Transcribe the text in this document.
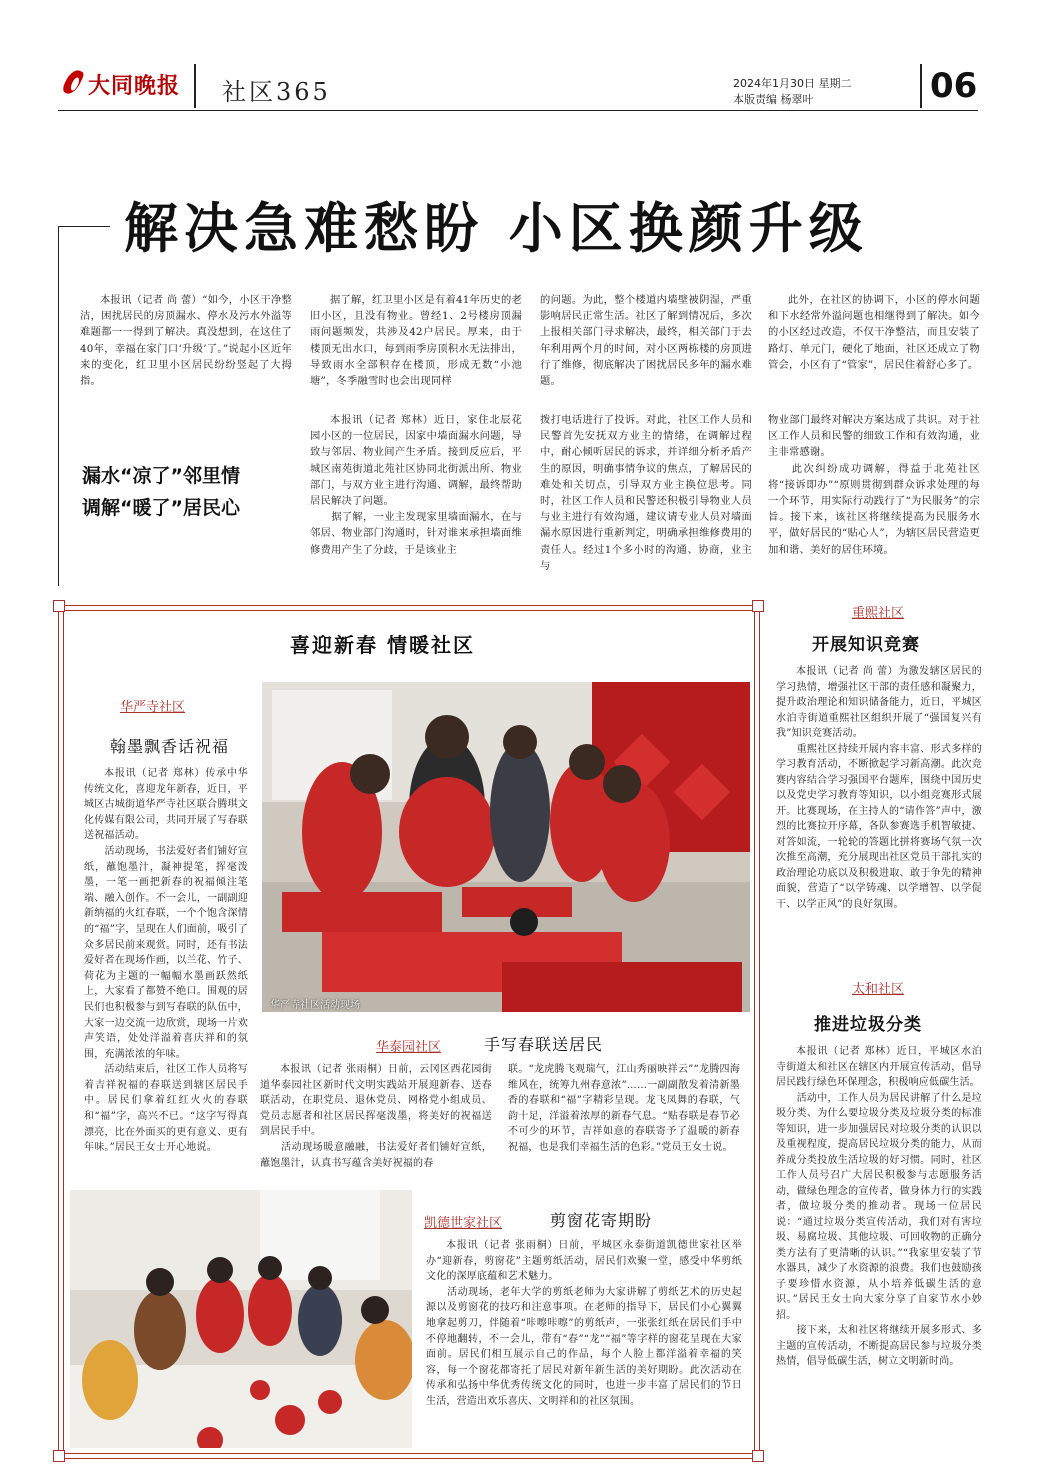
大同晚报 社区365	2024年1月30日 星期二
本版责编 杨翠叶	06
解决急难愁盼 小区换颜升级
本报讯（记者 尚 蕾）“如今，小区干净整洁，困扰居民的房顶漏水、停水及污水外溢等难题都一一得到了解决。真没想到，在这住了40年，幸福在家门口‘升级’了。”说起小区近年来的变化，红卫里小区居民纷纷竖起了大拇指。
据了解，红卫里小区是有着41年历史的老旧小区，且没有物业。曾经1、2号楼房顶漏雨问题频发，共涉及42户居民。厚来，由于楼顶无出水口，每到雨季房顶积水无法排出，导致雨水全部积存在楼顶，形成无数“小池塘”，冬季融雪时也会出现同样
的问题。为此，整个楼道内墙壁被阴湿，严重影响居民正常生活。社区了解到情况后，多次上报相关部门寻求解决，最终，相关部门于去年利用两个月的时间，对小区两栋楼的房顶进行了维修，彻底解决了困扰居民多年的漏水难题。
此外，在社区的协调下，小区的停水问题和下水经常外溢问题也相继得到了解决。如今的小区经过改造，不仅干净整洁，而且安装了路灯、单元门，硬化了地面，社区还成立了物管会，小区有了“管家”，居民住着舒心多了。
漏水“凉了”邻里情
调解“暖了”居民心
本报讯（记者 郑林）近日，家住北辰花园小区的一位居民，因家中墙面漏水问题，导致与邻居、物业间产生矛盾。接到反应后，平城区南苑街道北苑社区协同北街派出所、物业部门，与双方业主进行沟通、调解，最终帮助居民解决了问题。
　　据了解，一业主发现家里墙面漏水，在与邻居、物业部门沟通时，针对谁来承担墙面维修费用产生了分歧，于是该业主
拨打电话进行了投诉。对此，社区工作人员和民警首先安抚双方业主的情绪，在调解过程中，耐心倾听居民的诉求，并详细分析矛盾产生的原因，明确事情争议的焦点，了解居民的难处和关切点，引导双方业主换位思考。同时，社区工作人员和民警还积极引导物业人员与业主进行有效沟通，建议请专业人员对墙面漏水原因进行重新判定，明确承担维修费用的责任人。经过1个多小时的沟通、协商，业主与
物业部门最终对解决方案达成了共识。对于社区工作人员和民警的细致工作和有效沟通，业主非常感谢。
　　此次纠纷成功调解，得益于北苑社区将“接诉即办”“原则贯彻到群众诉求处理的每一个环节，用实际行动践行了“为民服务”的宗旨。接下来，该社区将继续提高为民服务水平，做好居民的“贴心人”，为辖区居民营造更加和谐、美好的居住环境。
喜迎新春 情暖社区
华严寺社区
翰墨飘香话祝福
本报讯（记者 郑林）传承中华传统文化，喜迎龙年新春，近日，平城区古城街道华严寺社区联合腾琪文化传媒有限公司，共同开展了写春联送祝福活动。
　　活动现场，书法爱好者们铺好宣纸，蘸饱墨汁，凝神提笔，挥毫泼墨，一笔一画把新春的祝福倾注笔端、融入创作。不一会儿，一副副迎新纳福的火红春联，一个个饱含深情的“福”字，呈现在人们面前，吸引了众多居民前来观赏。同时，还有书法爱好者在现场作画，以兰花、竹子、荷花为主题的一幅幅水墨画跃然纸上，大家看了都赞不绝口。围观的居民们也积极参与到写春联的队伍中，大家一边交流一边欣赏，现场一片欢声笑语，处处洋溢着喜庆祥和的氛围，充满浓浓的年味。
　　活动结束后，社区工作人员将写着吉祥祝福的春联送到辖区居民手中。居民们拿着红红火火的春联和“福”字，高兴不已。“这字写得真漂亮，比在外面买的更有意义、更有年味。”居民王女士开心地说。
华严寺社区活动现场
华泰园社区	手写春联送居民
本报讯（记者 张雨桐）日前，云冈区西花园街道华泰园社区新时代文明实践站开展迎新春、送春联活动，在职党员、退休党员、网格党小组成员、党员志愿者和社区居民挥毫泼墨，将美好的祝福送到居民手中。
　　活动现场暖意融融，书法爱好者们铺好宣纸，蘸饱墨汁，认真书写蕴含美好祝福的春
联。“龙虎腾飞观瑞气，江山秀丽映祥云”“龙腾四海维风在，统筹九州春意浓”……一副副散发着清新墨香的春联和“福”字精彩呈现。龙飞凤舞的春联，气韵十足，洋溢着浓厚的新春气息。“贴春联是春节必不可少的环节，吉祥如意的春联寄予了温暖的新春祝福，也是我们幸福生活的色彩。”党员王女士说。
凯德世家社区	剪窗花寄期盼
本报讯（记者 张雨桐）日前，平城区永泰街道凯德世家社区举办“迎新春，剪窗花”主题剪纸活动，居民们欢聚一堂，感受中华剪纸文化的深厚底蕴和艺术魅力。
　　活动现场，老年大学的剪纸老师为大家讲解了剪纸艺术的历史起源以及剪窗花的技巧和注意事项。在老师的指导下，居民们小心翼翼地拿起剪刀，伴随着“咔嚓咔嚓”的剪纸声，一张张红纸在居民们手中不停地翻转，不一会儿，带有“春”“龙”“福”等字样的窗花呈现在大家面前。居民们相互展示自己的作品，每个人脸上都洋溢着幸福的笑容，每一个窗花都寄托了居民对新年新生活的美好期盼。此次活动在传承和弘扬中华优秀传统文化的同时，也进一步丰富了居民们的节日生活，营造出欢乐喜庆、文明祥和的社区氛围。
重熙社区
开展知识竞赛
本报讯（记者 尚 蕾）为激发辖区居民的学习热情，增强社区干部的责任感和凝聚力，提升政治理论和知识储备能力，近日，平城区水泊寺街道重熙社区组织开展了“强国复兴有我”知识竞赛活动。
　　重熙社区持续开展内容丰富、形式多样的学习教育活动，不断掀起学习新高潮。此次竞赛内容结合学习强国平台题库，围绕中国历史以及党史学习教育等知识，以小组竞赛形式展开。比赛现场，在主持人的“请作答”声中，激烈的比赛拉开序幕，各队参赛选手机智敏捷、对答如流，一轮轮的答题比拼将赛场气氛一次次推至高潮，充分展现出社区党员干部扎实的政治理论功底以及积极进取、敢于争先的精神面貌，营造了“以学铸魂、以学增智、以学促干、以学正风”的良好氛围。
太和社区
推进垃圾分类
本报讯（记者 郑林）近日，平城区水泊寺街道太和社区在辖区内开展宣传活动，倡导居民践行绿色环保理念，积极响应低碳生活。
　　活动中，工作人员为居民讲解了什么是垃圾分类、为什么要垃圾分类及垃圾分类的标准等知识，进一步加强居民对垃圾分类的认识以及重视程度，提高居民垃圾分类的能力，从而养成分类投放生活垃圾的好习惯。同时，社区工作人员号召广大居民积极参与志愿服务活动，做绿色理念的宣传者，做身体力行的实践者，做垃圾分类的推动者。现场一位居民说：“通过垃圾分类宣传活动，我们对有害垃圾、易腐垃圾、其他垃圾、可回收物的正确分类方法有了更清晰的认识。”“我家里安装了节水器具，减少了水资源的浪费。我们也鼓励孩子要珍惜水资源，从小培养低碳生活的意识。”居民王女士向大家分享了自家节水小妙招。
　　接下来，太和社区将继续开展多形式、多主题的宣传活动，不断提高居民参与垃圾分类热情，倡导低碳生活，树立文明新时尚。
